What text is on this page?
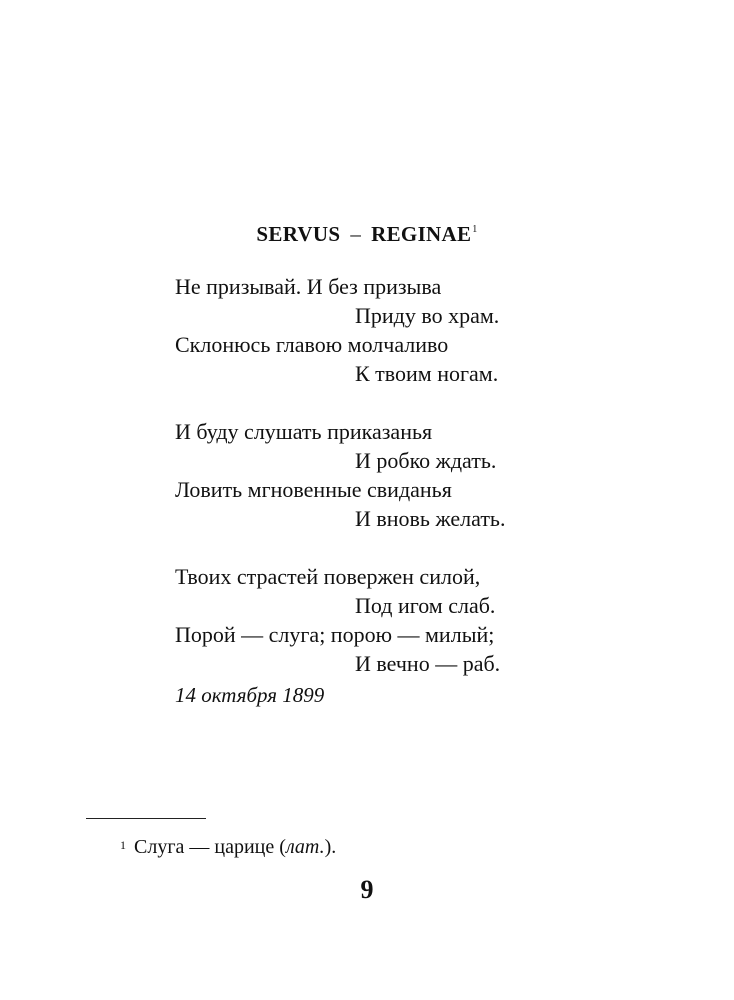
SERVUS – REGINAE$^1$
Не призывай. И без призыва
Приду во храм.
Склонюсь главою молчаливо
К твоим ногам.
И буду слушать приказанья
И робко ждать.
Ловить мгновенные свиданья
И вновь желать.
Твоих страстей повержен силой,
Под игом слаб.
Порой — слуга; порою — милый;
И вечно — раб.
14 октября 1899
$^1$ Слуга — царице (лат.).
9
